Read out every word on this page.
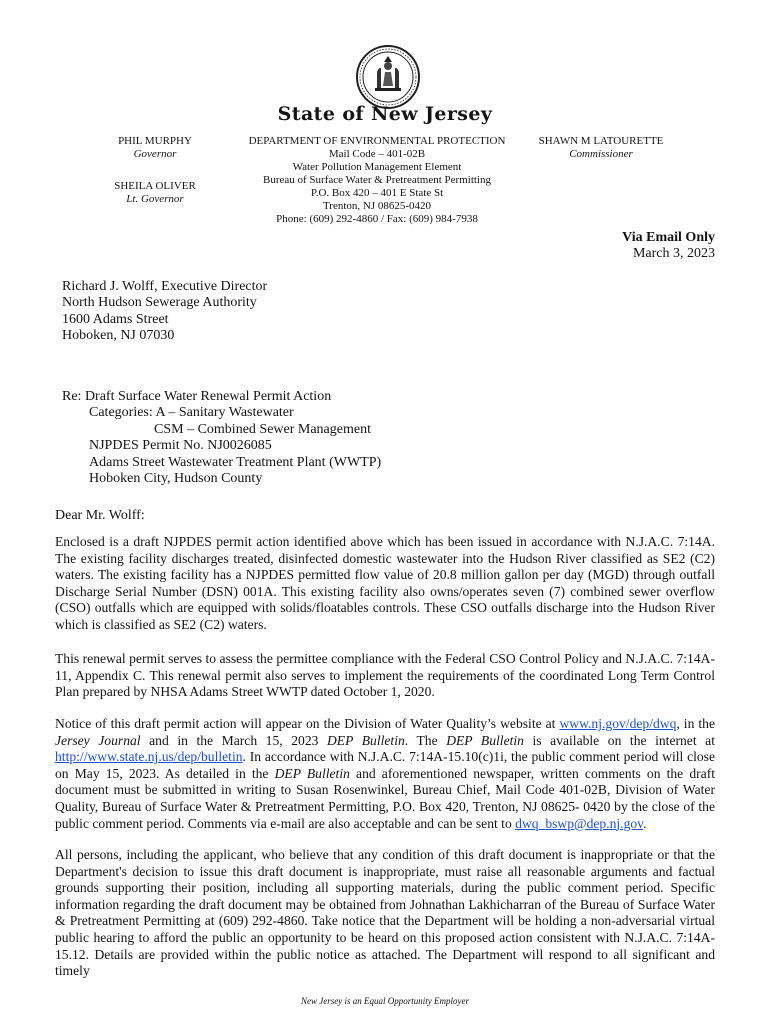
State of New Jersey
PHIL MURPHY
Governor
SHEILA OLIVER
Lt. Governor
DEPARTMENT OF ENVIRONMENTAL PROTECTION
Mail Code – 401-02B
Water Pollution Management Element
Bureau of Surface Water & Pretreatment Permitting
P.O. Box 420 – 401 E State St
Trenton, NJ 08625-0420
Phone: (609) 292-4860 / Fax: (609) 984-7938
SHAWN M LATOURETTE
Commissioner
Via Email Only
March 3, 2023
Richard J. Wolff, Executive Director
North Hudson Sewerage Authority
1600 Adams Street
Hoboken, NJ 07030
Re: Draft Surface Water Renewal Permit Action
Categories: A – Sanitary Wastewater
CSM – Combined Sewer Management
NJPDES Permit No. NJ0026085
Adams Street Wastewater Treatment Plant (WWTP)
Hoboken City, Hudson County
Dear Mr. Wolff:
Enclosed is a draft NJPDES permit action identified above which has been issued in accordance with N.J.A.C. 7:14A. The existing facility discharges treated, disinfected domestic wastewater into the Hudson River classified as SE2 (C2) waters. The existing facility has a NJPDES permitted flow value of 20.8 million gallon per day (MGD) through outfall Discharge Serial Number (DSN) 001A. This existing facility also owns/operates seven (7) combined sewer overflow (CSO) outfalls which are equipped with solids/floatables controls. These CSO outfalls discharge into the Hudson River which is classified as SE2 (C2) waters.
This renewal permit serves to assess the permittee compliance with the Federal CSO Control Policy and N.J.A.C. 7:14A-11, Appendix C. This renewal permit also serves to implement the requirements of the coordinated Long Term Control Plan prepared by NHSA Adams Street WWTP dated October 1, 2020.
Notice of this draft permit action will appear on the Division of Water Quality’s website at www.nj.gov/dep/dwq, in the Jersey Journal and in the March 15, 2023 DEP Bulletin. The DEP Bulletin is available on the internet at http://www.state.nj.us/dep/bulletin. In accordance with N.J.A.C. 7:14A-15.10(c)1i, the public comment period will close on May 15, 2023. As detailed in the DEP Bulletin and aforementioned newspaper, written comments on the draft document must be submitted in writing to Susan Rosenwinkel, Bureau Chief, Mail Code 401-02B, Division of Water Quality, Bureau of Surface Water & Pretreatment Permitting, P.O. Box 420, Trenton, NJ 08625- 0420 by the close of the public comment period. Comments via e-mail are also acceptable and can be sent to dwq_bswp@dep.nj.gov.
All persons, including the applicant, who believe that any condition of this draft document is inappropriate or that the Department's decision to issue this draft document is inappropriate, must raise all reasonable arguments and factual grounds supporting their position, including all supporting materials, during the public comment period. Specific information regarding the draft document may be obtained from Johnathan Lakhicharran of the Bureau of Surface Water & Pretreatment Permitting at (609) 292-4860. Take notice that the Department will be holding a non-adversarial virtual public hearing to afford the public an opportunity to be heard on this proposed action consistent with N.J.A.C. 7:14A-15.12. Details are provided within the public notice as attached. The Department will respond to all significant and timely
New Jersey is an Equal Opportunity Employer
